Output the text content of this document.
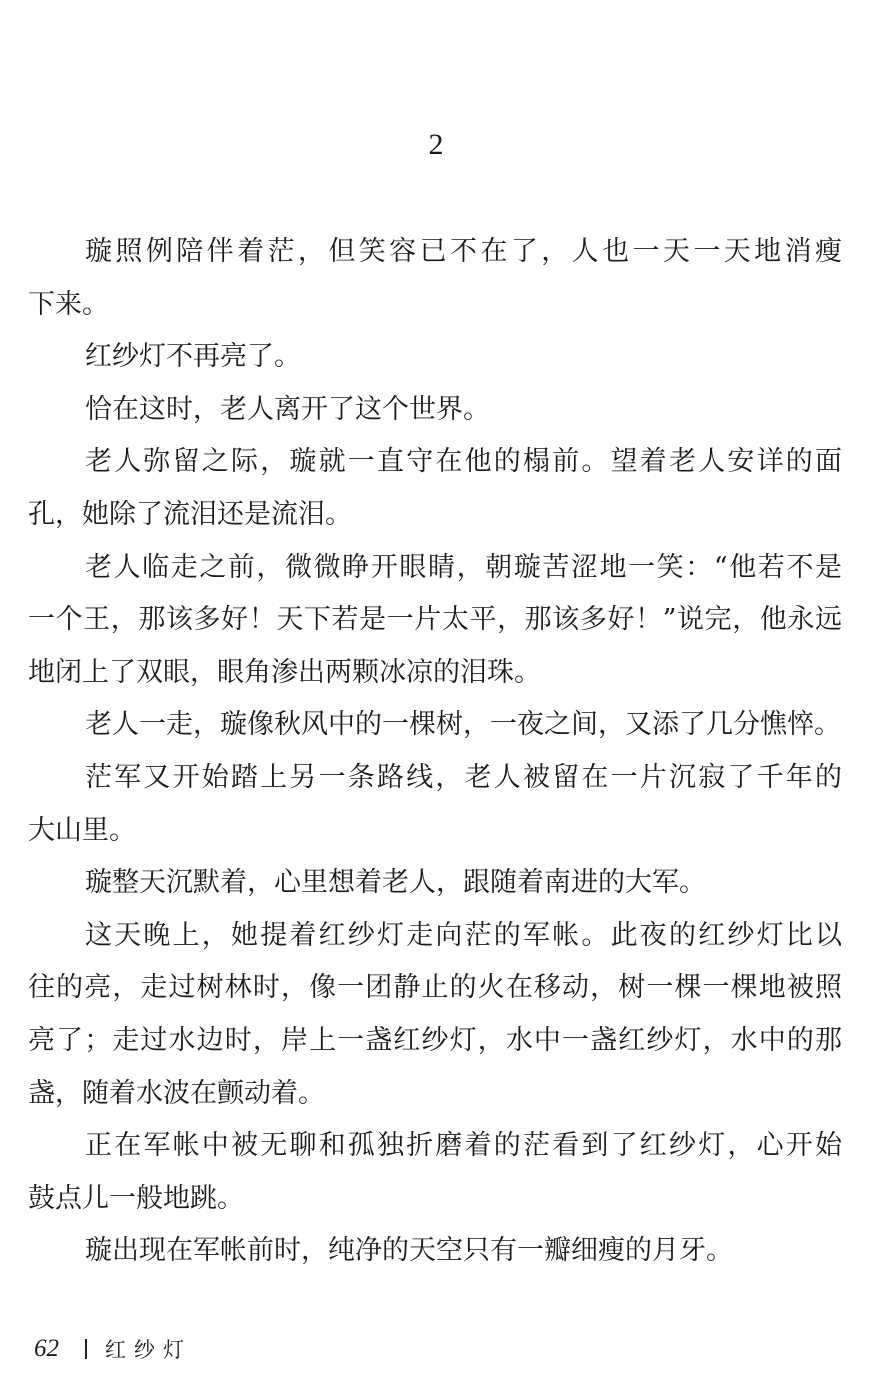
2
璇照例陪伴着茫，但笑容已不在了，人也一天一天地消瘦
下来。
红纱灯不再亮了。
恰在这时，老人离开了这个世界。
老人弥留之际，璇就一直守在他的榻前。望着老人安详的面
孔，她除了流泪还是流泪。
老人临走之前，微微睁开眼睛，朝璇苦涩地一笑：“他若不是
一个王，那该多好！天下若是一片太平，那该多好！”说完，他永远
地闭上了双眼，眼角渗出两颗冰凉的泪珠。
老人一走，璇像秋风中的一棵树，一夜之间，又添了几分憔悴。
茫军又开始踏上另一条路线，老人被留在一片沉寂了千年的
大山里。
璇整天沉默着，心里想着老人，跟随着南进的大军。
这天晚上，她提着红纱灯走向茫的军帐。此夜的红纱灯比以
往的亮，走过树林时，像一团静止的火在移动，树一棵一棵地被照
亮了；走过水边时，岸上一盏红纱灯，水中一盏红纱灯，水中的那
盏，随着水波在颤动着。
正在军帐中被无聊和孤独折磨着的茫看到了红纱灯，心开始
鼓点儿一般地跳。
璇出现在军帐前时，纯净的天空只有一瓣细瘦的月牙。
62 红纱灯
